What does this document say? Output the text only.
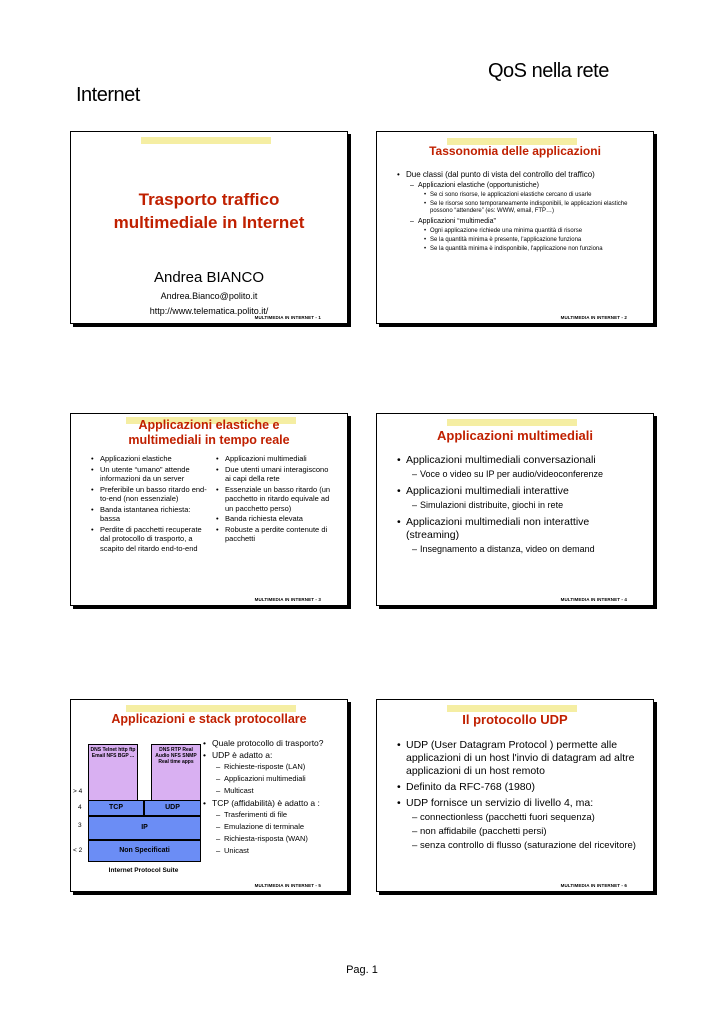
QoS nella rete
Internet
Trasporto traffico multimediale in Internet
Andrea BIANCO
Andrea.Bianco@polito.it
http://www.telematica.polito.it/
MULTIMEDIA IN INTERNET - 1
Tassonomia delle applicazioni
• Due classi (dal punto di vista del controllo del traffico)
– Applicazioni elastiche (opportunistiche)
• Se ci sono risorse, le applicazioni elastiche cercano di usarle
• Se le risorse sono temporaneamente indisponibili, le applicazioni elastiche possono “attendere” (es: WWW, email, FTP…)
– Applicazioni “multimedia”
• Ogni applicazione richiede una minima quantità di risorse
• Se la quantità minima è presente, l'applicazione funziona
• Se la quantità minima è indisponibile, l'applicazione non funziona
MULTIMEDIA IN INTERNET - 2
Applicazioni elastiche e multimediali in tempo reale
• Applicazioni elastiche
• Un utente “umano” attende informazioni da un server
• Preferibile un basso ritardo end-to-end (non essenziale)
• Banda istantanea richiesta: bassa
• Perdite di pacchetti recuperate dal protocollo di trasporto, a scapito del ritardo end-to-end
• Applicazioni multimediali
• Due utenti umani interagiscono ai capi della rete
• Essenziale un basso ritardo (un pacchetto in ritardo equivale ad un pacchetto perso)
• Banda richiesta elevata
• Robuste a perdite contenute di pacchetti
MULTIMEDIA IN INTERNET - 3
Applicazioni multimediali
• Applicazioni multimediali conversazionali
– Voce o video su IP per audio/videoconferenze
• Applicazioni multimediali interattive
– Simulazioni distribuite, giochi in rete
• Applicazioni multimediali non interattive (streaming)
– Insegnamento a distanza, video on demand
MULTIMEDIA IN INTERNET - 4
Applicazioni e stack protocollare
DNS Telnet http ftp Email NFS BGP ...
DNS RTP Real Audio NFS SNMP Real time apps
TCP	UDP
IP
Non Specificati
> 4
4
3
< 2
Internet Protocol Suite
• Quale protocollo di trasporto?
• UDP è adatto a:
– Richieste-risposte (LAN)
– Applicazioni multimediali
– Multicast
• TCP (affidabilità) è adatto a :
– Trasferimenti di file
– Emulazione di terminale
– Richiesta-risposta (WAN)
– Unicast
MULTIMEDIA IN INTERNET - 5
Il protocollo UDP
• UDP (User Datagram Protocol ) permette alle applicazioni di un host l'invio di datagram ad altre applicazioni di un host remoto
• Definito da RFC-768 (1980)
• UDP fornisce un servizio di livello 4, ma:
– connectionless (pacchetti fuori sequenza)
– non affidabile (pacchetti persi)
– senza controllo di flusso (saturazione del ricevitore)
MULTIMEDIA IN INTERNET - 6
Pag. 1
